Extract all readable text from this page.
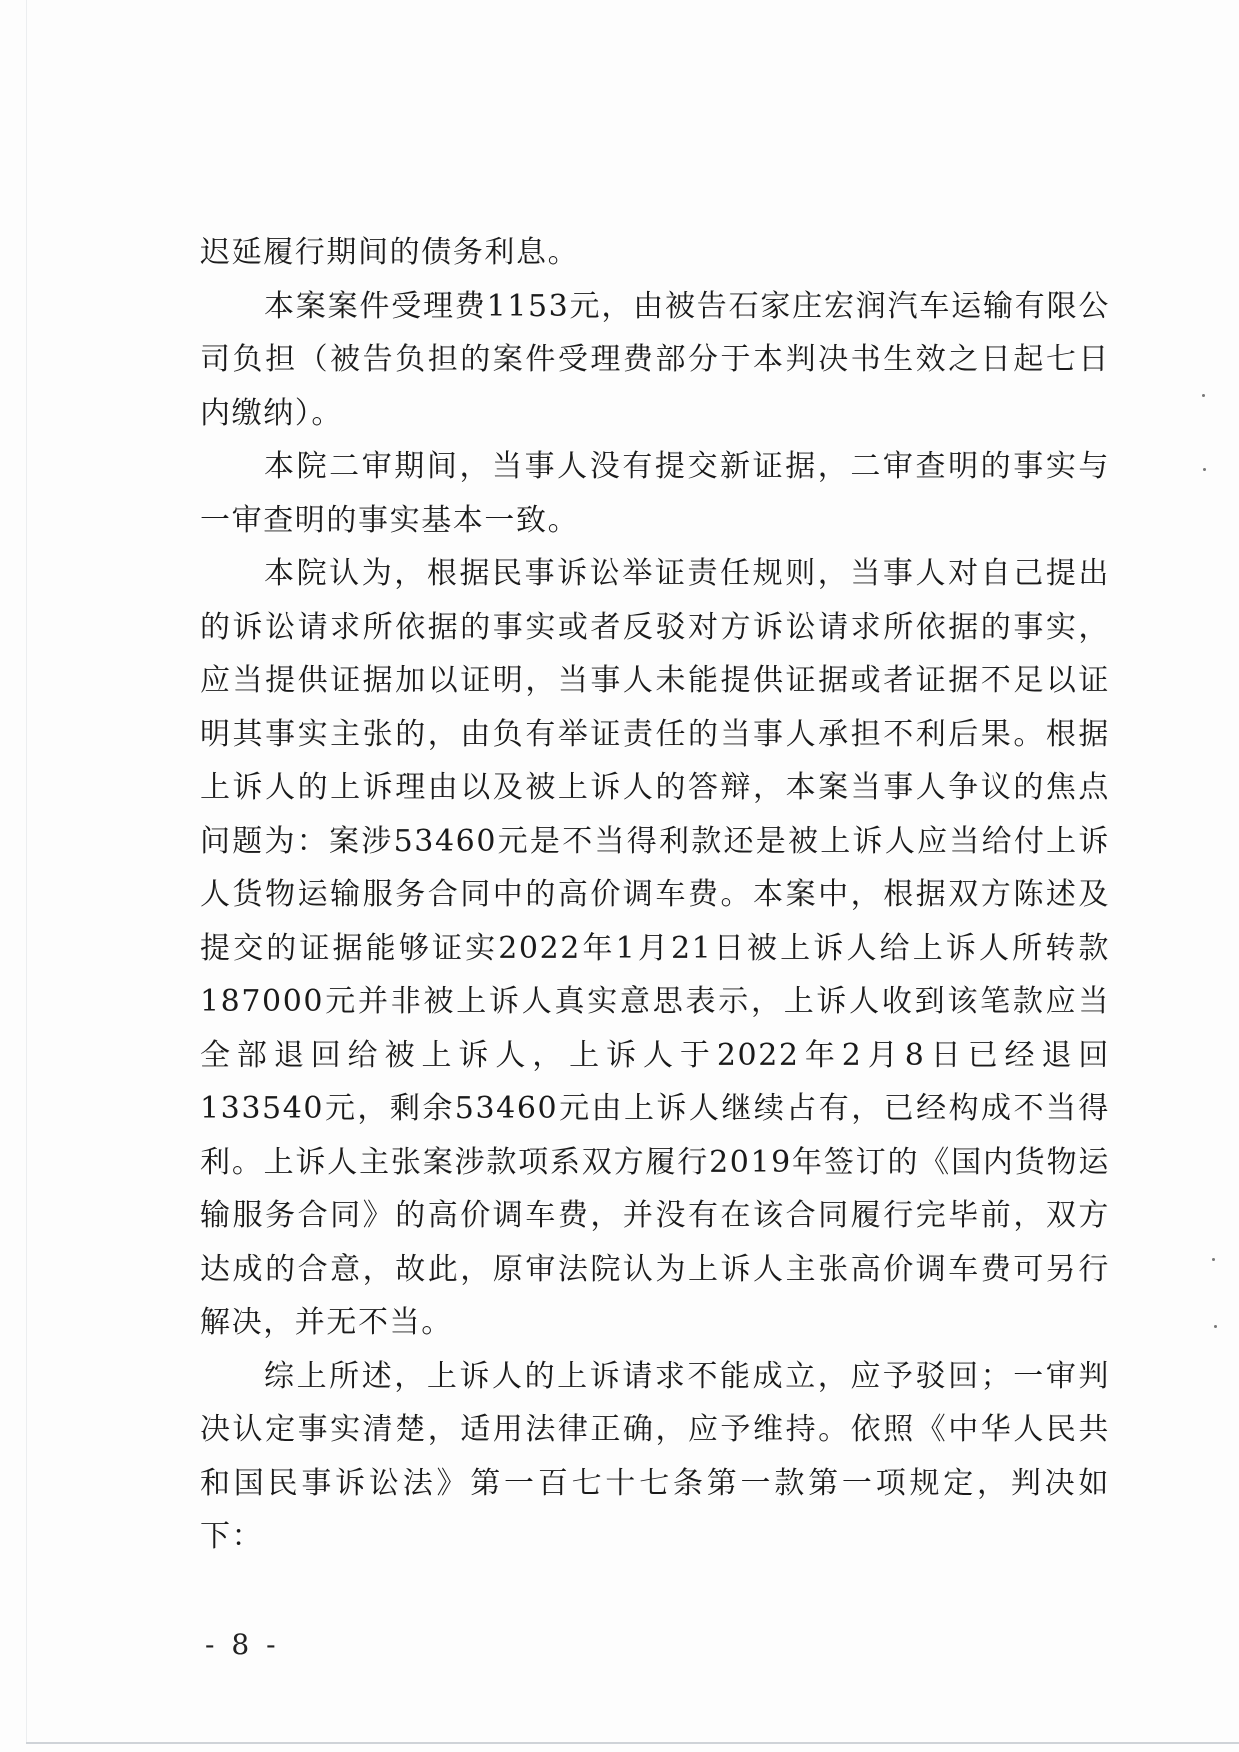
迟延履行期间的债务利息。

本案案件受理费1153元，由被告石家庄宏润汽车运输有限公司负担（被告负担的案件受理费部分于本判决书生效之日起七日内缴纳）。

本院二审期间，当事人没有提交新证据，二审查明的事实与一审查明的事实基本一致。

本院认为，根据民事诉讼举证责任规则，当事人对自己提出的诉讼请求所依据的事实或者反驳对方诉讼请求所依据的事实，应当提供证据加以证明，当事人未能提供证据或者证据不足以证明其事实主张的，由负有举证责任的当事人承担不利后果。根据上诉人的上诉理由以及被上诉人的答辩，本案当事人争议的焦点问题为：案涉53460元是不当得利款还是被上诉人应当给付上诉人货物运输服务合同中的高价调车费。本案中，根据双方陈述及提交的证据能够证实2022年1月21日被上诉人给上诉人所转款187000元并非被上诉人真实意思表示，上诉人收到该笔款应当全部退回给被上诉人，上诉人于2022年2月8日已经退回133540元，剩余53460元由上诉人继续占有，已经构成不当得利。上诉人主张案涉款项系双方履行2019年签订的《国内货物运输服务合同》的高价调车费，并没有在该合同履行完毕前，双方达成的合意，故此，原审法院认为上诉人主张高价调车费可另行解决，并无不当。

综上所述，上诉人的上诉请求不能成立，应予驳回；一审判决认定事实清楚，适用法律正确，应予维持。依照《中华人民共和国民事诉讼法》第一百七十七条第一款第一项规定，判决如下：

- 8 -
